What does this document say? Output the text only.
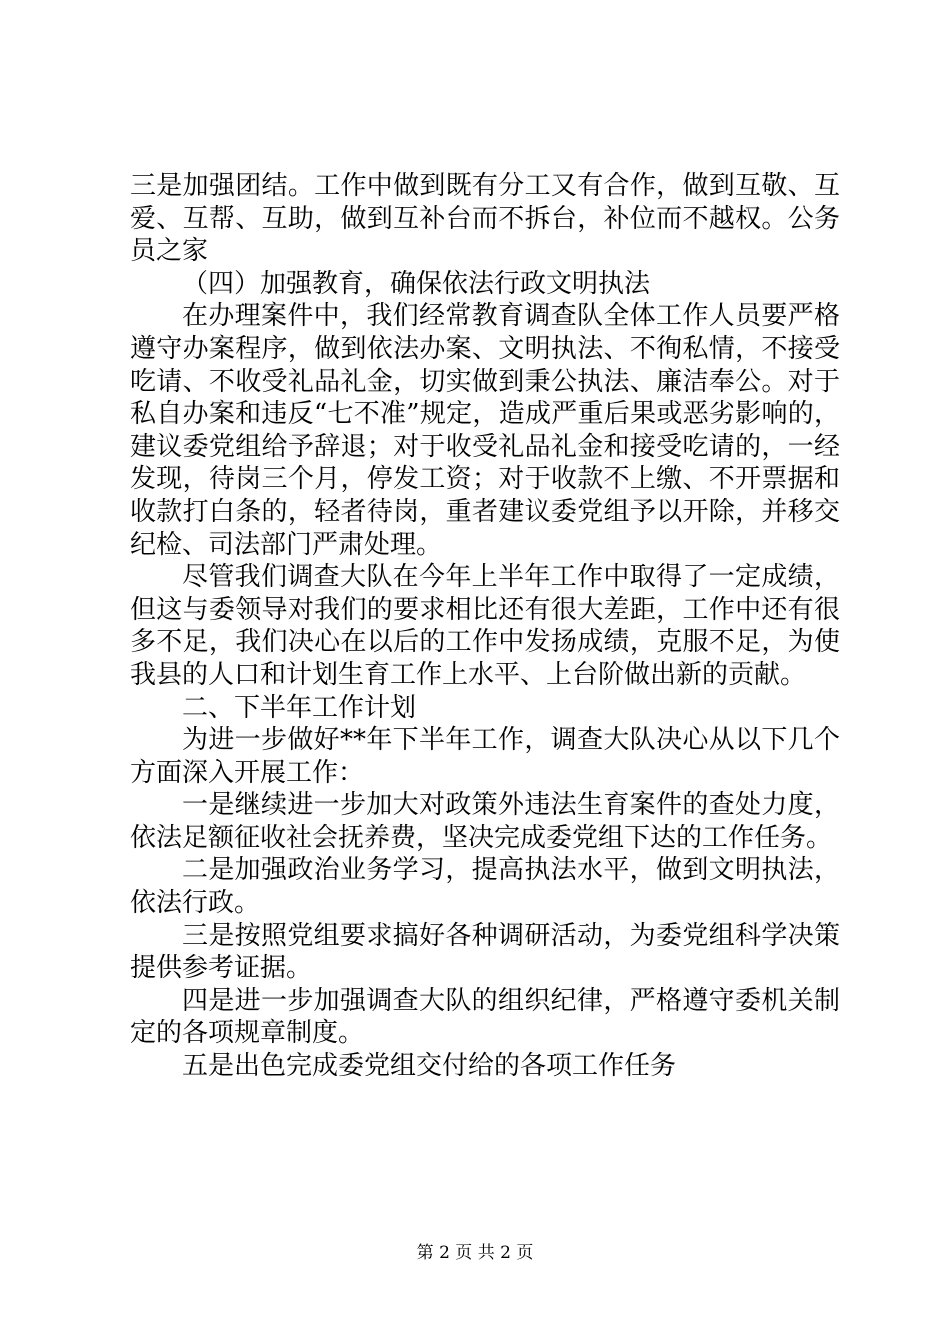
三是加强团结。工作中做到既有分工又有合作，做到互敬、互爱、互帮、互助，做到互补台而不拆台，补位而不越权。公务员之家

（四）加强教育，确保依法行政文明执法

在办理案件中，我们经常教育调查队全体工作人员要严格遵守办案程序，做到依法办案、文明执法、不徇私情，不接受吃请、不收受礼品礼金，切实做到秉公执法、廉洁奉公。对于私自办案和违反“七不准”规定，造成严重后果或恶劣影响的，建议委党组给予辞退；对于收受礼品礼金和接受吃请的，一经发现，待岗三个月，停发工资；对于收款不上缴、不开票据和收款打白条的，轻者待岗，重者建议委党组予以开除，并移交纪检、司法部门严肃处理。

尽管我们调查大队在今年上半年工作中取得了一定成绩，但这与委领导对我们的要求相比还有很大差距，工作中还有很多不足，我们决心在以后的工作中发扬成绩，克服不足，为使我县的人口和计划生育工作上水平、上台阶做出新的贡献。

二、下半年工作计划

为进一步做好**年下半年工作，调查大队决心从以下几个方面深入开展工作：

一是继续进一步加大对政策外违法生育案件的查处力度，依法足额征收社会抚养费，坚决完成委党组下达的工作任务。

二是加强政治业务学习，提高执法水平，做到文明执法，依法行政。

三是按照党组要求搞好各种调研活动，为委党组科学决策提供参考证据。

四是进一步加强调查大队的组织纪律，严格遵守委机关制定的各项规章制度。

五是出色完成委党组交付给的各项工作任务

第 2 页 共 2 页
